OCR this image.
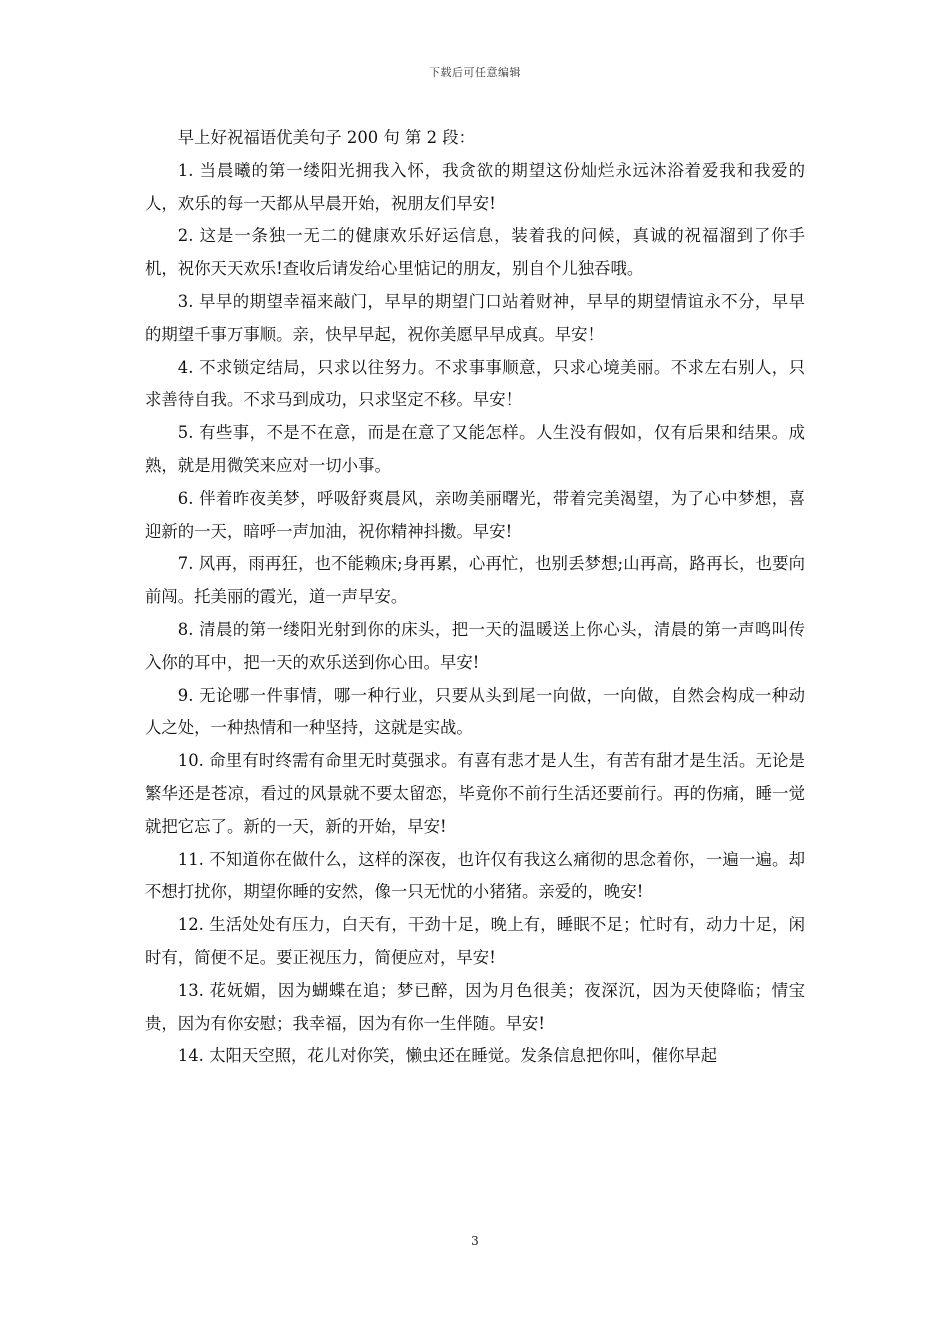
下载后可任意编辑

早上好祝福语优美句子 200 句 第 2 段：

1. 当晨曦的第一缕阳光拥我入怀，我贪欲的期望这份灿烂永远沐浴着爱我和我爱的人，欢乐的每一天都从早晨开始，祝朋友们早安!

2. 这是一条独一无二的健康欢乐好运信息，装着我的问候，真诚的祝福溜到了你手机，祝你天天欢乐!查收后请发给心里惦记的朋友，别自个儿独吞哦。

3. 早早的期望幸福来敲门，早早的期望门口站着财神，早早的期望情谊永不分，早早的期望千事万事顺。亲，快早早起，祝你美愿早早成真。早安！

4. 不求锁定结局，只求以往努力。不求事事顺意，只求心境美丽。不求左右别人，只求善待自我。不求马到成功，只求坚定不移。早安！

5. 有些事，不是不在意，而是在意了又能怎样。人生没有假如，仅有后果和结果。成熟，就是用微笑来应对一切小事。

6. 伴着昨夜美梦，呼吸舒爽晨风，亲吻美丽曙光，带着完美渴望，为了心中梦想，喜迎新的一天，暗呼一声加油，祝你精神抖擞。早安!

7. 风再，雨再狂，也不能赖床;身再累，心再忙，也别丢梦想;山再高，路再长，也要向前闯。托美丽的霞光，道一声早安。

8. 清晨的第一缕阳光射到你的床头，把一天的温暖送上你心头，清晨的第一声鸣叫传入你的耳中，把一天的欢乐送到你心田。早安!

9. 无论哪一件事情，哪一种行业，只要从头到尾一向做，一向做，自然会构成一种动人之处，一种热情和一种坚持，这就是实战。

10. 命里有时终需有命里无时莫强求。有喜有悲才是人生，有苦有甜才是生活。无论是繁华还是苍凉，看过的风景就不要太留恋，毕竟你不前行生活还要前行。再的伤痛，睡一觉就把它忘了。新的一天，新的开始，早安!

11. 不知道你在做什么，这样的深夜，也许仅有我这么痛彻的思念着你，一遍一遍。却不想打扰你，期望你睡的安然，像一只无忧的小猪猪。亲爱的，晚安!

12. 生活处处有压力，白天有，干劲十足，晚上有，睡眠不足；忙时有，动力十足，闲时有，简便不足。要正视压力，简便应对，早安!

13. 花妩媚，因为蝴蝶在追；梦已醉，因为月色很美；夜深沉，因为天使降临；情宝贵，因为有你安慰；我幸福，因为有你一生伴随。早安!

14. 太阳天空照，花儿对你笑，懒虫还在睡觉。发条信息把你叫，催你早起

3
